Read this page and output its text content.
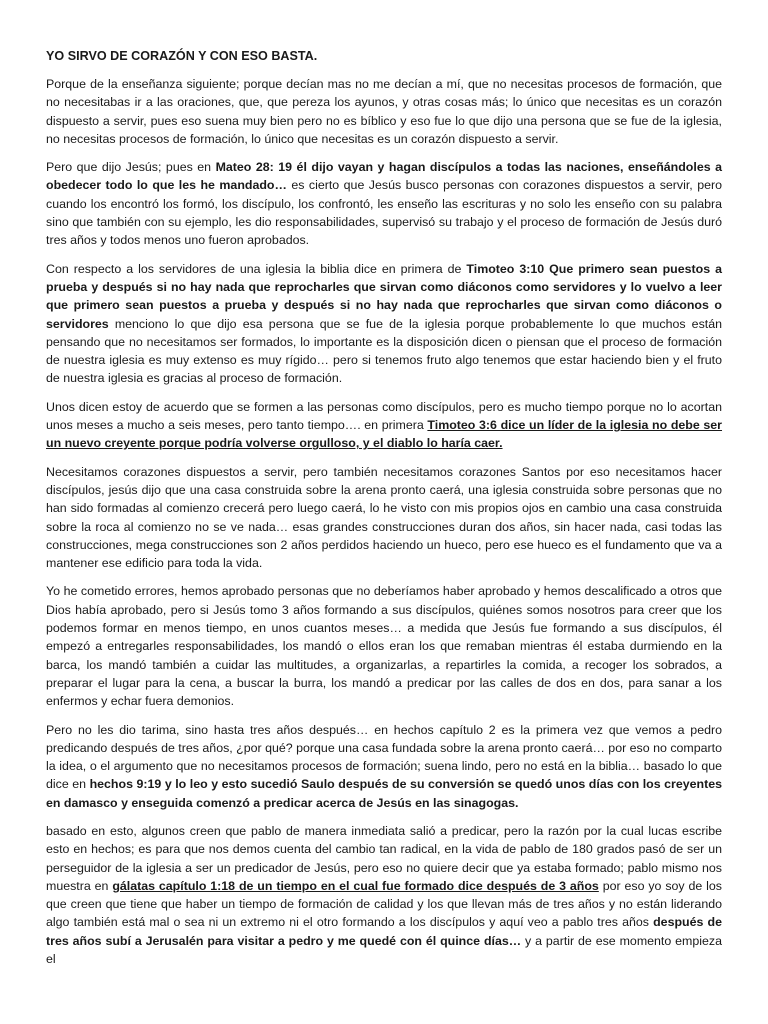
YO SIRVO DE CORAZÓN Y CON ESO BASTA.

Porque de la enseñanza siguiente; porque decían mas no me decían a mí, que no necesitas procesos de formación, que no necesitabas ir a las oraciones, que, que pereza los ayunos, y otras cosas más; lo único que necesitas es un corazón dispuesto a servir, pues eso suena muy bien pero no es bíblico y eso fue lo que dijo una persona que se fue de la iglesia, no necesitas procesos de formación, lo único que necesitas es un corazón dispuesto a servir.

Pero que dijo Jesús; pues en Mateo 28: 19 él dijo vayan y hagan discípulos a todas las naciones, enseñándoles a obedecer todo lo que les he mandado… es cierto que Jesús busco personas con corazones dispuestos a servir, pero cuando los encontró los formó, los discípulo, los confrontó, les enseño las escrituras y no solo les enseño con su palabra sino que también con su ejemplo, les dio responsabilidades, supervisó su trabajo y el proceso de formación de Jesús duró tres años y todos menos uno fueron aprobados.

Con respecto a los servidores de una iglesia la biblia dice en primera de Timoteo 3:10 Que primero sean puestos a prueba y después si no hay nada que reprocharles que sirvan como diáconos como servidores y lo vuelvo a leer que primero sean puestos a prueba y después si no hay nada que reprocharles que sirvan como diáconos o servidores menciono lo que dijo esa persona que se fue de la iglesia porque probablemente lo que muchos están pensando que no necesitamos ser formados, lo importante es la disposición dicen o piensan que el proceso de formación de nuestra iglesia es muy extenso es muy rígido… pero si tenemos fruto algo tenemos que estar haciendo bien y el fruto de nuestra iglesia es gracias al proceso de formación.

Unos dicen estoy de acuerdo que se formen a las personas como discípulos, pero es mucho tiempo porque no lo acortan unos meses a mucho a seis meses, pero tanto tiempo…. en primera Timoteo 3:6 dice un líder de la iglesia no debe ser un nuevo creyente porque podría volverse orgulloso, y el diablo lo haría caer.

Necesitamos corazones dispuestos a servir, pero también necesitamos corazones Santos por eso necesitamos hacer discípulos, jesús dijo que una casa construida sobre la arena pronto caerá, una iglesia construida sobre personas que no han sido formadas al comienzo crecerá pero luego caerá, lo he visto con mis propios ojos en cambio una casa construida sobre la roca al comienzo no se ve nada… esas grandes construcciones duran dos años, sin hacer nada, casi todas las construcciones, mega construcciones son 2 años perdidos haciendo un hueco, pero ese hueco es el fundamento que va a mantener ese edificio para toda la vida.

Yo he cometido errores, hemos aprobado personas que no deberíamos haber aprobado y hemos descalificado a otros que Dios había aprobado, pero si Jesús tomo 3 años formando a sus discípulos, quiénes somos nosotros para creer que los podemos formar en menos tiempo, en unos cuantos meses… a medida que Jesús fue formando a sus discípulos, él empezó a entregarles responsabilidades, los mandó o ellos eran los que remaban mientras él estaba durmiendo en la barca, los mandó también a cuidar las multitudes, a organizarlas, a repartirles la comida, a recoger los sobrados, a preparar el lugar para la cena, a buscar la burra, los mandó a predicar por las calles de dos en dos, para sanar a los enfermos y echar fuera demonios.

Pero no les dio tarima, sino hasta tres años después… en hechos capítulo 2 es la primera vez que vemos a pedro predicando después de tres años, ¿por qué? porque una casa fundada sobre la arena pronto caerá… por eso no comparto la idea, o el argumento que no necesitamos procesos de formación; suena lindo, pero no está en la biblia… basado lo que dice en hechos 9:19 y lo leo y esto sucedió Saulo después de su conversión se quedó unos días con los creyentes en damasco y enseguida comenzó a predicar acerca de Jesús en las sinagogas.

basado en esto, algunos creen que pablo de manera inmediata salió a predicar, pero la razón por la cual lucas escribe esto en hechos; es para que nos demos cuenta del cambio tan radical, en la vida de pablo de 180 grados pasó de ser un perseguidor de la iglesia a ser un predicador de Jesús, pero eso no quiere decir que ya estaba formado; pablo mismo nos muestra en gálatas capítulo 1:18 de un tiempo en el cual fue formado dice después de 3 años por eso yo soy de los que creen que tiene que haber un tiempo de formación de calidad y los que llevan más de tres años y no están liderando algo también está mal o sea ni un extremo ni el otro formando a los discípulos y aquí veo a pablo tres años después de tres años subí a Jerusalén para visitar a pedro y me quedé con él quince días… y a partir de ese momento empieza el
